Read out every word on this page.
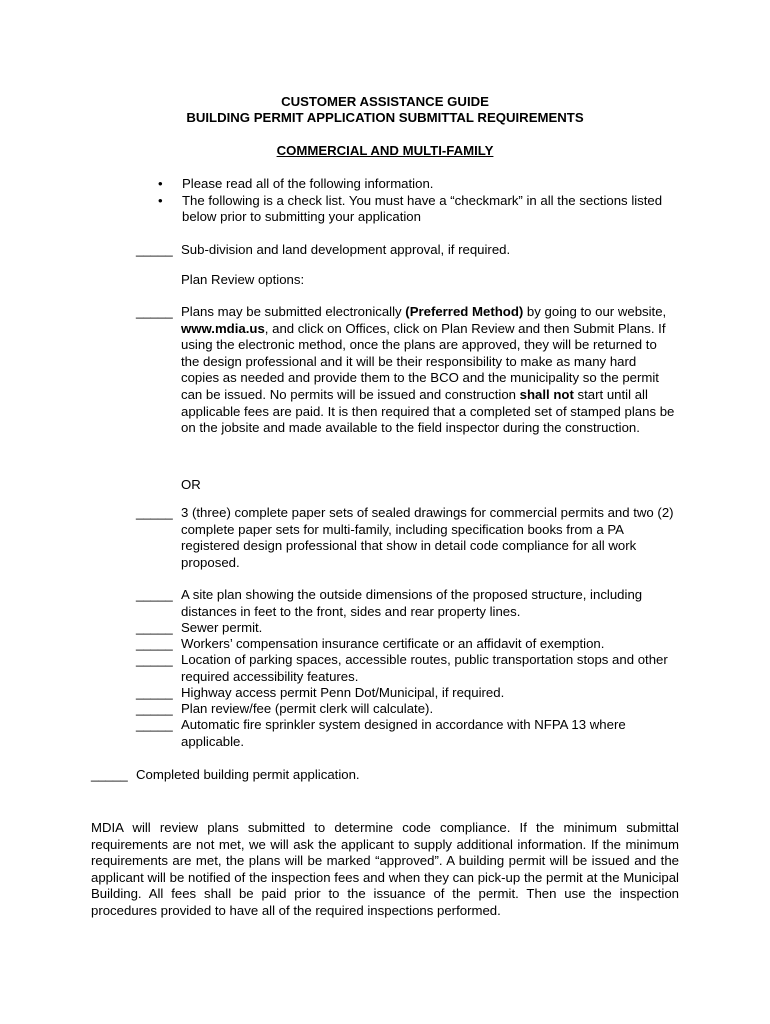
CUSTOMER ASSISTANCE GUIDE
BUILDING PERMIT APPLICATION SUBMITTAL REQUIREMENTS
COMMERCIAL AND MULTI-FAMILY
• Please read all of the following information.
• The following is a check list. You must have a “checkmark” in all the sections listed below prior to submitting your application
_____ Sub-division and land development approval, if required.
Plan Review options:
_____ Plans may be submitted electronically (Preferred Method) by going to our website, www.mdia.us, and click on Offices, click on Plan Review and then Submit Plans. If using the electronic method, once the plans are approved, they will be returned to the design professional and it will be their responsibility to make as many hard copies as needed and provide them to the BCO and the municipality so the permit can be issued. No permits will be issued and construction shall not start until all applicable fees are paid. It is then required that a completed set of stamped plans be on the jobsite and made available to the field inspector during the construction.
OR
_____ 3 (three) complete paper sets of sealed drawings for commercial permits and two (2) complete paper sets for multi-family, including specification books from a PA registered design professional that show in detail code compliance for all work proposed.
_____ A site plan showing the outside dimensions of the proposed structure, including distances in feet to the front, sides and rear property lines.
_____ Sewer permit.
_____ Workers’ compensation insurance certificate or an affidavit of exemption.
_____ Location of parking spaces, accessible routes, public transportation stops and other required accessibility features.
_____ Highway access permit Penn Dot/Municipal, if required.
_____ Plan review/fee (permit clerk will calculate).
_____ Automatic fire sprinkler system designed in accordance with NFPA 13 where applicable.
_____ Completed building permit application.
MDIA will review plans submitted to determine code compliance. If the minimum submittal requirements are not met, we will ask the applicant to supply additional information. If the minimum requirements are met, the plans will be marked “approved”. A building permit will be issued and the applicant will be notified of the inspection fees and when they can pick-up the permit at the Municipal Building. All fees shall be paid prior to the issuance of the permit. Then use the inspection procedures provided to have all of the required inspections performed.
